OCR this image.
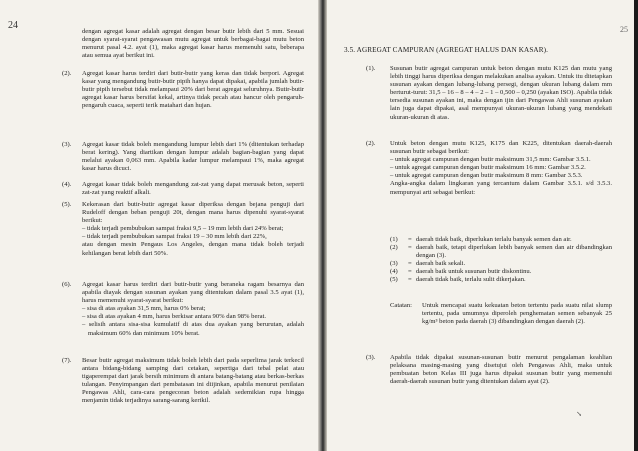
24
dengan agregat kasar adalah agregat dengan besar butir lebih dari 5 mm. Sesuai dengan syarat-syarat pengawasan mutu agregat untuk berbagai-bagai mutu beton menurut pasal 4.2. ayat (1), maka agregat kasar harus memenuhi satu, beberapa atau semua ayat berikut ini.
(2). Agregat kasar harus terdiri dari butir-butir yang keras dan tidak berpori. Agregat kasar yang mengandung butir-butir pipih hanya dapat dipakai, apabila jumlah butir-butir pipih tersebut tidak melampaui 20% dari berat agregat seluruhnya. Butir-butir agregat kasar harus bersifat kekal, artinya tidak pecah atau hancur oleh pengaruh-pengaruh cuaca, seperti terik matahari dan hujan.
(3). Agregat kasar tidak boleh mengandung lumpur lebih dari 1% (ditentukan terhadap berat kering). Yang diartikan dengan lumpur adalah bagian-bagian yang dapat melalui ayakan 0,063 mm. Apabila kadar lumpur melampaui 1%, maka agregat kasar harus dicuci.
(4). Agregat kasar tidak boleh mengandung zat-zat yang dapat merusak beton, seperti zat-zat yang reaktif alkali.
(5). Kekerasan dari butir-butir agregat kasar diperiksa dengan bejana penguji dari Rudeloff dengan beban penguji 20t, dengan mana harus dipenuhi syarat-syarat berikut:

– tidak terjadi pembubukan sampai fraksi 9,5 – 19 mm lebih dari 24% berat;

– tidak terjadi pembubukan sampai fraksi 19 – 30 mm lebih dari 22%,

atau dengan mesin Pengaus Los Angeles, dengan mana tidak boleh terjadi kehilangan berat lebih dari 50%.

(6). Agregat kasar harus terdiri dari butir-butir yang beraneka ragam besarnya dan apabila diayak dengan susunan ayakan yang ditentukan dalam pasal 3.5 ayat (1), harus memenuhi syarat-syarat berikut:

– sisa di atas ayakan 31,5 mm, harus 0% berat;

– sisa di atas ayakan 4 mm, harus berkisar antara 90% dan 98% berat.

– selisih antara sisa-sisa kumulatif di atas dua ayakan yang berurutan, adalah maksimum 60% dan minimum 10% berat.

(7). Besar butir agregat maksimum tidak boleh lebih dari pada seperlima jarak terkecil antara bidang-bidang samping dari cetakan, sepertiga dari tebal pelat atau tigaperempat dari jarak bersih minimum di antara batang-batang atau berkas-berkas tulangan. Penyimpangan dari pembatasan ini diijinkan, apabila menurut penilaian Pengawas Ahli, cara-cara pengecoran beton adalah sedemikian rupa hingga menjamin tidak terjadinya sarang-sarang kerikil.
25
3.5. AGREGAT CAMPURAN (AGREGAT HALUS DAN KASAR).
(1). Susunan butir agregat campuran untuk beton dengan mutu K125 dan mutu yang lebih tinggi harus diperiksa dengan melakukan analisa ayakan. Untuk itu ditetapkan susunan ayakan dengan lubang-lubang persegi, dengan ukuran lubang dalam mm berturut-turut: 31,5 – 16 – 8 – 4 – 2 – 1 – 0,500 – 0,250 (ayakan ISO). Apabila tidak tersedia susunan ayakan ini, maka dengan ijin dari Pengawas Ahli susunan ayakan lain juga dapat dipakai, asal mempunyai ukuran-ukuran lubang yang mendekati ukuran-ukuran di atas.
(2). Untuk beton dengan mutu K125, K175 dan K225, ditentukan daerah-daerah susunan butir sebagai berikut:

– untuk agregat campuran dengan butir maksimum 31,5 mm: Gambar 3.5.1.

– untuk agregat campuran dengan butir maksimum 16 mm: Gambar 3.5.2.

– untuk agregat campuran dengan butir maksimum 8 mm: Gambar 3.5.3.

Angka-angka dalam lingkaran yang tercantum dalam Gambar 3.5.1. s/d 3.5.3. mempunyai arti sebagai berikut:

(1)	= daerah tidak baik, diperlukan terlalu banyak semen dan air.
(2)	= daerah baik, tetapi diperlukan lebih banyak semen dan air dibandingkan dengan (3).
(3)	= daerah baik sekali.
(4)	= daerah baik untuk susunan butir diskontinu.
(5)	= daerah tidak baik, terlalu sulit dikerjakan.
Catatan:	Untuk mencapai suatu kekuatan beton tertentu pada suatu nilai slump tertentu, pada umumnya diperoleh penghematan semen sebanyak 25 kg/m³ beton pada daerah (3) dibandingkan dengan daerah (2).
(3). Apabila tidak dipakai susunan-susunan butir menurut pengalaman keahlian pelaksana masing-masing yang disetujui oleh Pengawas Ahli, maka untuk pembuatan beton Kelas III juga harus dipakai susunan butir yang memenuhi daerah-daerah susunan butir yang ditentukan dalam ayat (2).
↘
